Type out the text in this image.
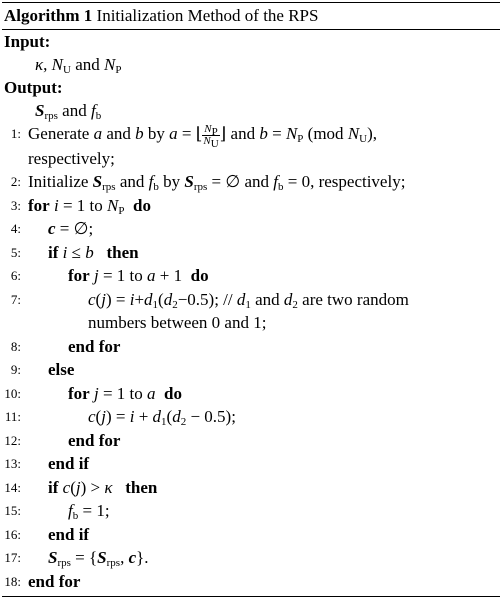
Algorithm 1 Initialization Method of the RPS
Input:
κ, $N_U$ and $N_P$
Output:
$S_{rps}$ and $f_b$
1: Generate a and b by a = ⌊ $\frac{N_P}{N_U}$ ⌋ and $b = N_P$ (mod $N_U$),
respectively;
2: Initialize $S_{rps}$ and $f_b$ by $S_{rps}$ = ∅ and $f_b = 0$, respectively;
3: for i = 1 to $N_P$ do
4:	c = ∅;
5:	if i ≤ b then
6:	for j = 1 to a + 1  do
7:	$c(j) = i+d_1(d_2-0.5)$; // $d_1$ and $d_2$ are two random
numbers between 0 and 1;
8:	end for
9:	else
10:	for j = 1 to a do
11:	$c(j) = i + d_1(d_2 - 0.5)$;
12:	end for
13:	end if
14:	if c(j) > κ then
15:	$f_b = 1$;
16:	end if
17:	$S_{rps} = \{S_{rps}$, c}.
18: end for
